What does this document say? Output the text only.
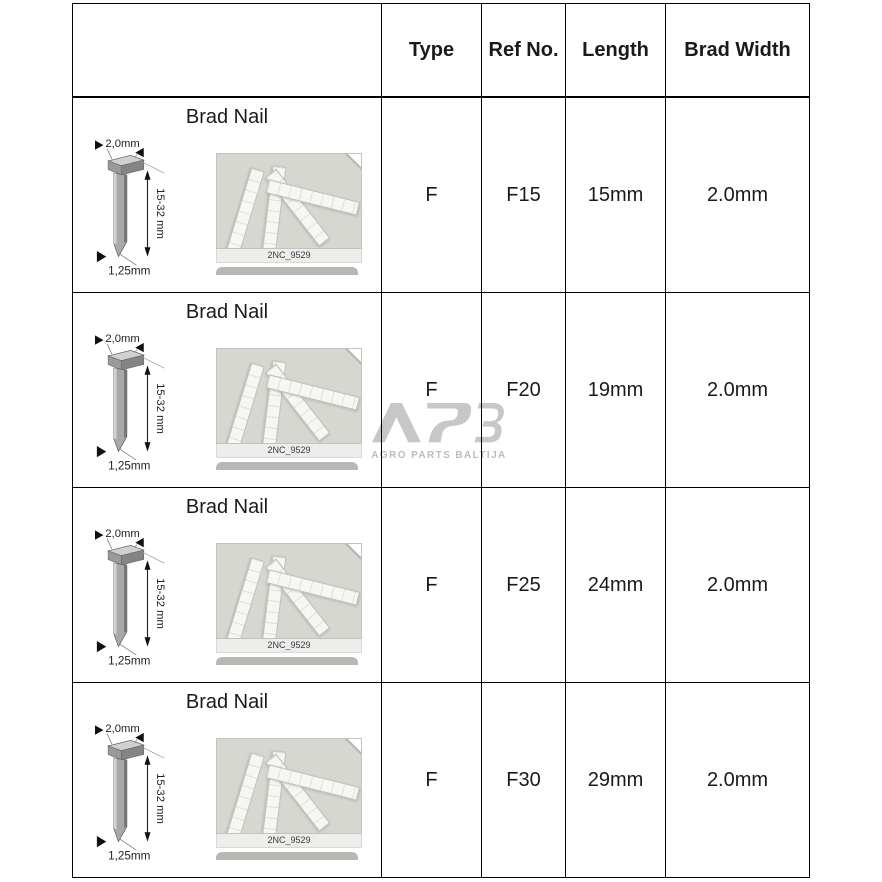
AGRO PARTS BALTIJA
Type	Ref No.	Length	Brad Width
Brad Nail
2,0mm
15-32 mm
1,25mm
2NC_9529
F	F15	15mm	2.0mm
Brad Nail
2,0mm
15-32 mm
1,25mm
2NC_9529
F	F20	19mm	2.0mm
Brad Nail
2,0mm
15-32 mm
1,25mm
2NC_9529
F	F25	24mm	2.0mm
Brad Nail
2,0mm
15-32 mm
1,25mm
2NC_9529
F	F30	29mm	2.0mm
